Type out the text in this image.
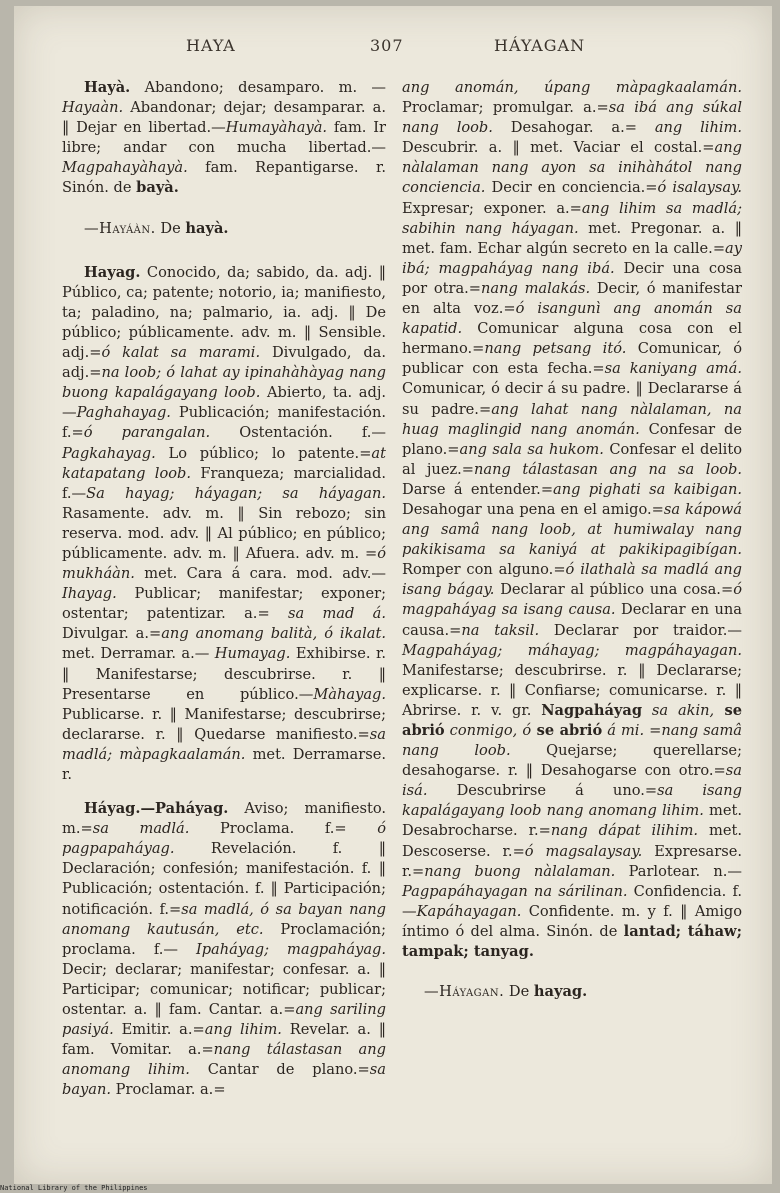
HAYA	307	HÁYAGAN

Hayà. Abandono; desamparo. m. —Hayaàn. Abandonar; dejar; desamparar. a. ‖ Dejar en libertad.—Humayàhayà. fam. Ir libre; andar con mucha libertad.—Magpahayàhayà. fam. Repantigarse. r. Sinón. de bayà.

—Hayáàn. De hayà.

Hayag. Conocido, da; sabido, da. adj. ‖ Público, ca; patente; notorio, ia; manifiesto, ta; paladino, na; palmario, ia. adj. ‖ De público; públicamente. adv. m. ‖ Sensible. adj.=ó kalat sa marami. Divulgado, da. adj.=na loob; ó lahat ay ipinahàhàyag nang buong kapalágayang loob. Abierto, ta. adj.—Paghahayag. Publicación; manifestación. f.=ó parangalan. Ostentación. f.—Pagkahayag. Lo público; lo patente.=at katapatang loob. Franqueza; marcialidad. f.—Sa hayag; háyagan; sa háyagan. Rasamente. adv. m. ‖ Sin rebozo; sin reserva. mod. adv. ‖ Al público; en público; públicamente. adv. m. ‖ Afuera. adv. m. =ó mukháàn. met. Cara á cara. mod. adv.—Ihayag. Publicar; manifestar; exponer; ostentar; patentizar. a.= sa mad á. Divulgar. a.=ang anomang balità, ó ikalat. met. Derramar. a.— Humayag. Exhibirse. r. ‖ Manifestarse; descubrirse. r. ‖ Presentarse en público.—Màhayag. Publicarse. r. ‖ Manifestarse; descubrirse; declararse. r. ‖ Quedarse manifiesto.=sa madlá; màpagkaalamán. met. Derramarse. r.

Háyag.—Paháyag. Aviso; manifiesto. m.=sa madlá. Proclama. f.= ó pagpapaháyag. Revelación. f. ‖ Declaración; confesión; manifestación. f. ‖ Publicación; ostentación. f. ‖ Participación; notificación. f.=sa madlá, ó sa bayan nang anomang kautusán, etc. Proclamación; proclama. f.— Ipaháyag; magpaháyag. Decir; declarar; manifestar; confesar. a. ‖ Participar; comunicar; notificar; publicar; ostentar. a. ‖ fam. Cantar. a.=ang sariling pasiyá. Emitir. a.=ang lihim. Revelar. a. ‖ fam. Vomitar. a.=nang tálastasan ang anomang lihim. Cantar de plano.=sa bayan. Proclamar. a.=

ang anomán, úpang màpagkaalamán. Proclamar; promulgar. a.=sa ibá ang súkal nang loob. Desahogar. a.= ang lihim. Descubrir. a. ‖ met. Vaciar el costal.=ang nàlalaman nang ayon sa inihàhátol nang conciencia. Decir en conciencia.=ó isalaysay. Expresar; exponer. a.=ang lihim sa madlá; sabihin nang háyagan. met. Pregonar. a. ‖ met. fam. Echar algún secreto en la calle.=ay ibá; magpaháyag nang ibá. Decir una cosa por otra.=nang malakás. Decir, ó manifestar en alta voz.=ó isangunì ang anomán sa kapatid. Comunicar alguna cosa con el hermano.=nang petsang itó. Comunicar, ó publicar con esta fecha.=sa kaniyang amá. Comunicar, ó decir á su padre. ‖ Declararse á su padre.=ang lahat nang nàlalaman, na huag maglingid nang anomán. Confesar de plano.=ang sala sa hukom. Confesar el delito al juez.=nang tálastasan ang na sa loob. Darse á entender.=ang pighati sa kaibigan. Desahogar una pena en el amigo.=sa kápowá ang samâ nang loob, at humiwalay nang pakikisama sa kaniyá at pakikipagibígan. Romper con alguno.=ó ilathalà sa madlá ang isang bágay. Declarar al público una cosa.=ó magpaháyag sa isang causa. Declarar en una causa.=na taksil. Declarar por traidor.—Magpaháyag; máhayag; magpáhayagan. Manifestarse; descubrirse. r. ‖ Declararse; explicarse. r. ‖ Confiarse; comunicarse. r. ‖ Abrirse. r. v. gr. Nagpaháyag sa akin, se abrió conmigo, ó se abrió á mi. =nang samâ nang loob. Quejarse; querellarse; desahogarse. r. ‖ Desahogarse con otro.=sa isá. Descubrirse á uno.=sa isang kapalágayang loob nang anomang lihim. met. Desabrocharse. r.=nang dápat ilihim. met. Descoserse. r.=ó magsalaysay. Expresarse. r.=nang buong nàlalaman. Parlotear. n.—Pagpapáhayagan na sárilinan. Confidencia. f.—Kapáhayagan. Confidente. m. y f. ‖ Amigo íntimo ó del alma. Sinón. de lantad; táhaw; tampak; tanyag.

—Háyagan. De hayag.

National Library of the Philippines
